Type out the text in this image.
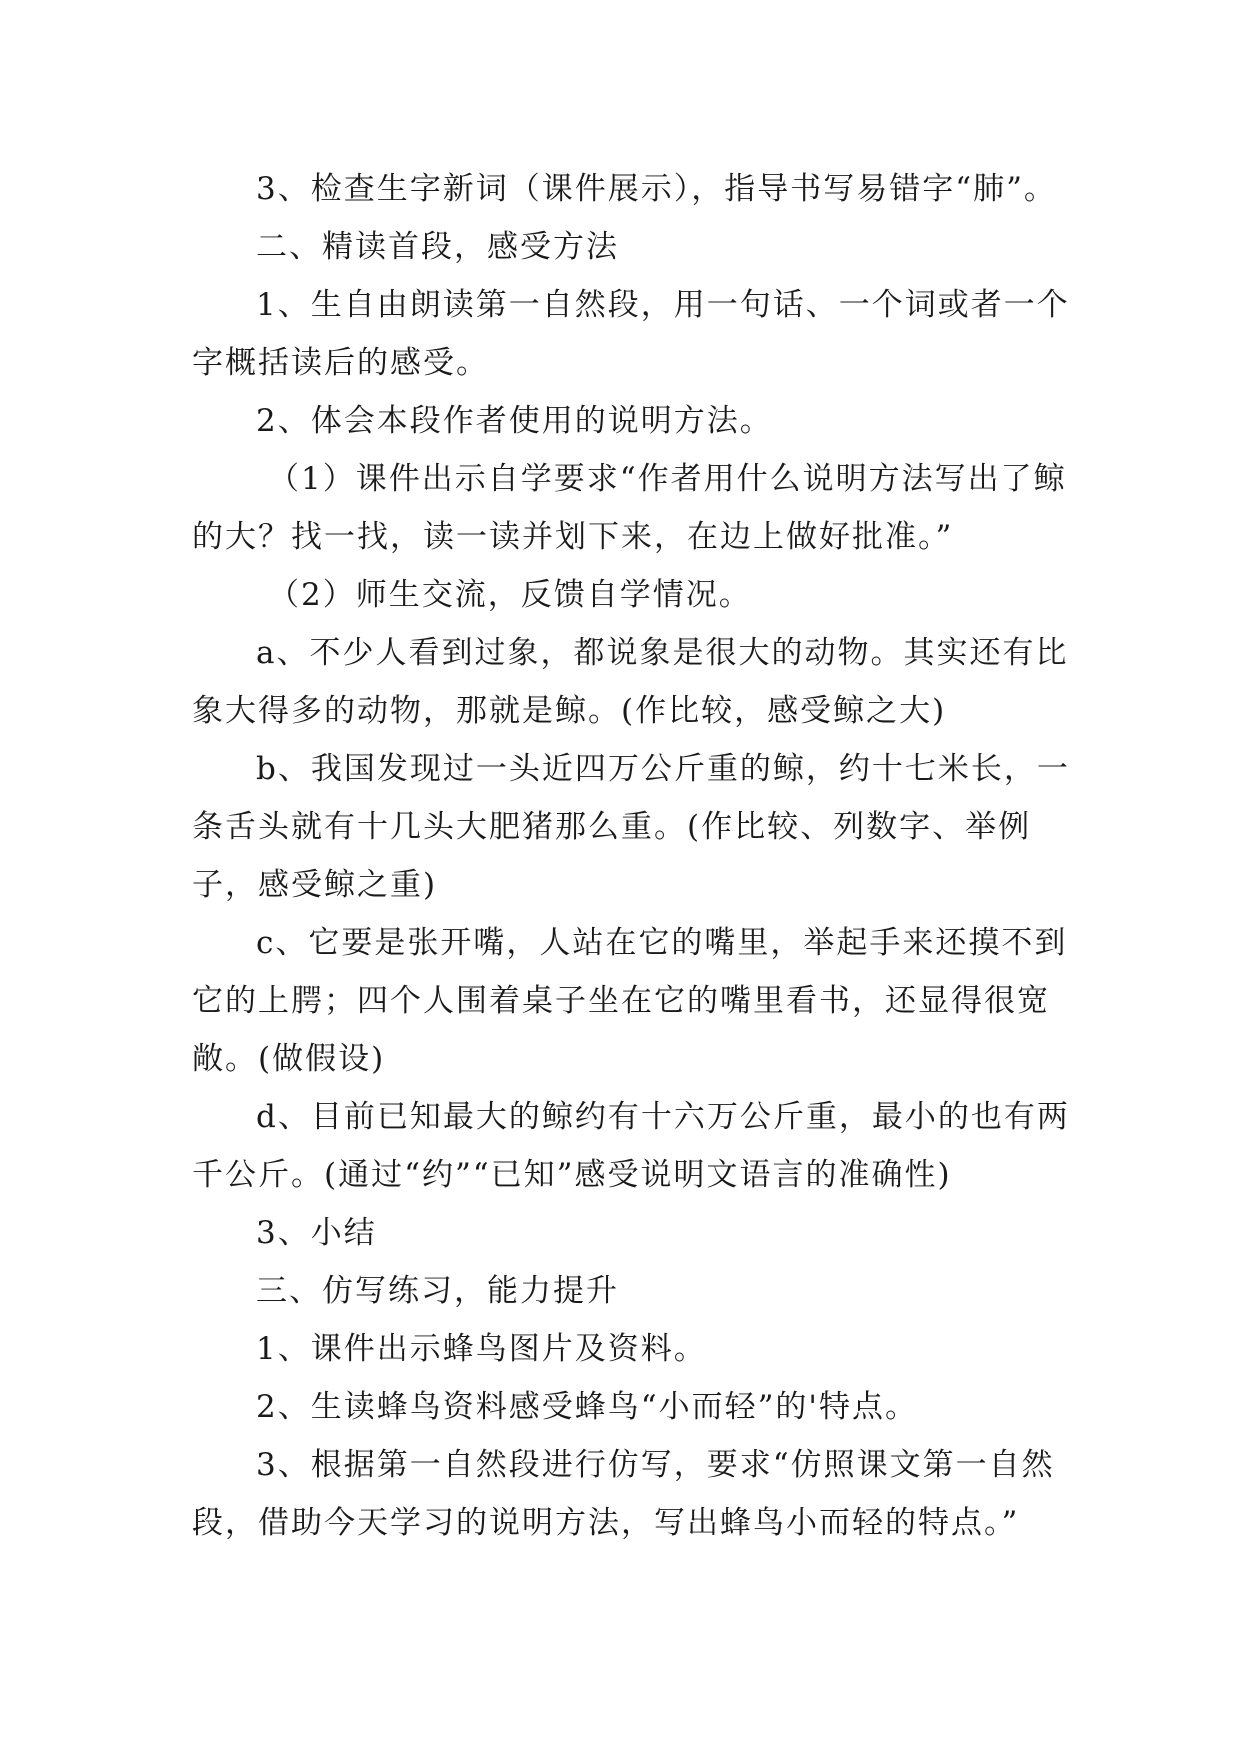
3、检查生字新词（课件展示），指导书写易错字“肺”。

二、精读首段，感受方法

1、生自由朗读第一自然段，用一句话、一个词或者一个字概括读后的感受。

2、体会本段作者使用的说明方法。

（1）课件出示自学要求“作者用什么说明方法写出了鲸的大？找一找，读一读并划下来，在边上做好批准。”

（2）师生交流，反馈自学情况。

a、不少人看到过象，都说象是很大的动物。其实还有比象大得多的动物，那就是鲸。(作比较，感受鲸之大)

b、我国发现过一头近四万公斤重的鲸，约十七米长，一条舌头就有十几头大肥猪那么重。(作比较、列数字、举例子，感受鲸之重)

c、它要是张开嘴，人站在它的嘴里，举起手来还摸不到它的上腭；四个人围着桌子坐在它的嘴里看书，还显得很宽敞。(做假设)

d、目前已知最大的鲸约有十六万公斤重，最小的也有两千公斤。(通过“约”“已知”感受说明文语言的准确性)

3、小结

三、仿写练习，能力提升

1、课件出示蜂鸟图片及资料。

2、生读蜂鸟资料感受蜂鸟“小而轻”的'特点。

3、根据第一自然段进行仿写，要求“仿照课文第一自然段，借助今天学习的说明方法，写出蜂鸟小而轻的特点。”
